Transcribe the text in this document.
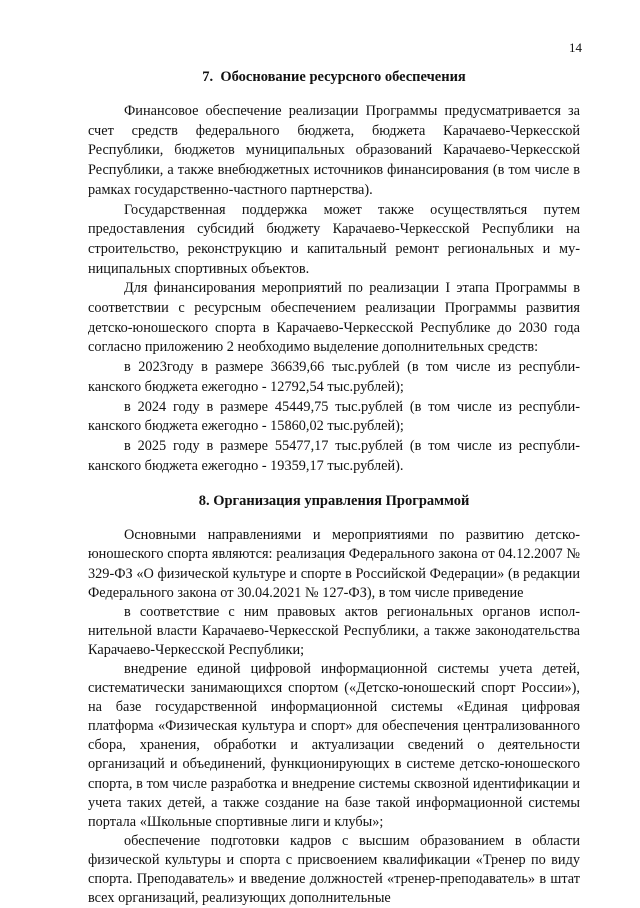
14
7.  Обоснование ресурсного обеспечения

Финансовое обеспечение реализации Программы предусматривается за счет средств федерального бюджета, бюджета Карачаево-Черкесской Республики, бюджетов муниципальных образований Карачаево-Черкесской Республики, а также внебюджетных источников финансирования (в том числе в рамках государственно-частного партнерства).

Государственная поддержка может также осуществляться путем предоставления субсидий бюджету Карачаево-Черкесской Республики на строительство, реконструкцию и капитальный ремонт региональных и муниципальных спортивных объектов.

Для финансирования мероприятий по реализации I этапа Программы в соответствии с ресурсным обеспечением реализации Программы развития детско-юношеского спорта в Карачаево-Черкесской Республике до 2030 года согласно приложению 2 необходимо выделение дополнительных средств:

в 2023году в размере 36639,66 тыс.рублей (в том числе из республиканского бюджета ежегодно - 12792,54 тыс.рублей);

в 2024 году в размере 45449,75 тыс.рублей (в том числе из республиканского бюджета ежегодно - 15860,02 тыс.рублей);

в 2025 году в размере 55477,17 тыс.рублей (в том числе из республиканского бюджета ежегодно - 19359,17 тыс.рублей).

8. Организация управления Программой

Основными направлениями и мероприятиями по развитию детско-юношеского спорта являются: реализация Федерального закона от 04.12.2007 № 329-ФЗ «О физической культуре и спорте в Российской Федерации» (в редакции Федерального закона от 30.04.2021 № 127-ФЗ), в том числе приведение

в соответствие с ним правовых актов региональных органов исполнительной власти Карачаево-Черкесской Республики, а также законодательства Карачаево-Черкесской Республики;

внедрение единой цифровой информационной системы учета детей, систематически занимающихся спортом («Детско-юношеский спорт России»), на базе государственной информационной системы «Единая цифровая платформа «Физическая культура и спорт» для обеспечения централизованного сбора, хранения, обработки и актуализации сведений о деятельности организаций и объединений, функционирующих в системе детско-юношеского спорта, в том числе разработка и внедрение системы сквозной идентификации и учета таких детей, а также создание на базе такой информационной системы портала «Школьные спортивные лиги и клубы»;

обеспечение подготовки кадров с высшим образованием в области физической культуры и спорта с присвоением квалификации «Тренер по виду спорта. Преподаватель» и введение должностей «тренер-преподаватель» в штат всех организаций, реализующих дополнительные
